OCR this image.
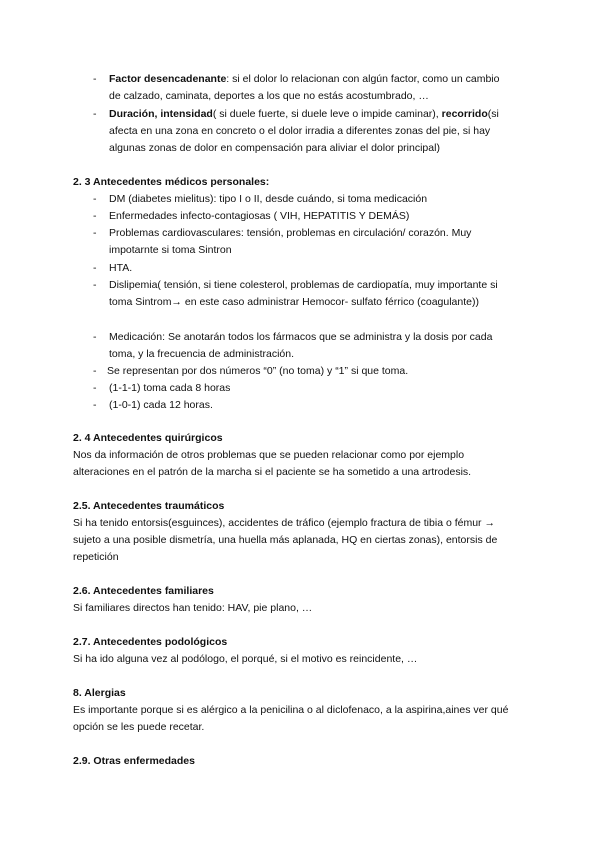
- Factor desencadenante: si el dolor lo relacionan con algún factor, como un cambio
de calzado, caminata, deportes a los que no estás acostumbrado, …
- Duración, intensidad( si duele fuerte, si duele leve o impide caminar), recorrido(si
afecta en una zona en concreto o el dolor irradia a diferentes zonas del pie, si hay
algunas zonas de dolor en compensación para aliviar el dolor principal)
2. 3 Antecedentes médicos personales:
- DM (diabetes mielitus): tipo I o II, desde cuándo, si toma medicación
- Enfermedades infecto-contagiosas ( VIH, HEPATITIS Y DEMÁS)
- Problemas cardiovasculares: tensión, problemas en circulación/ corazón. Muy
impotarnte si toma Sintron
- HTA.
- Dislipemia( tensión, si tiene colesterol, problemas de cardiopatía, muy importante si
toma Sintrom→ en este caso administrar Hemocor- sulfato férrico (coagulante))
- Medicación: Se anotarán todos los fármacos que se administra y la dosis por cada
toma, y la frecuencia de administración.
- Se representan por dos números “0” (no toma) y “1” si que toma.
- (1-1-1) toma cada 8 horas
- (1-0-1) cada 12 horas.
2. 4 Antecedentes quirúrgicos
Nos da información de otros problemas que se pueden relacionar como por ejemplo
alteraciones en el patrón de la marcha si el paciente se ha sometido a una artrodesis.
2.5. Antecedentes traumáticos
Si ha tenido entorsis(esguinces), accidentes de tráfico (ejemplo fractura de tibia o fémur →
sujeto a una posible dismetría, una huella más aplanada, HQ en ciertas zonas), entorsis de
repetición
2.6. Antecedentes familiares
Si familiares directos han tenido: HAV, pie plano, …
2.7. Antecedentes podológicos
Si ha ido alguna vez al podólogo, el porqué, si el motivo es reincidente, …
8. Alergias
Es importante porque si es alérgico a la penicilina o al diclofenaco, a la aspirina,aines ver qué
opción se les puede recetar.
2.9. Otras enfermedades
